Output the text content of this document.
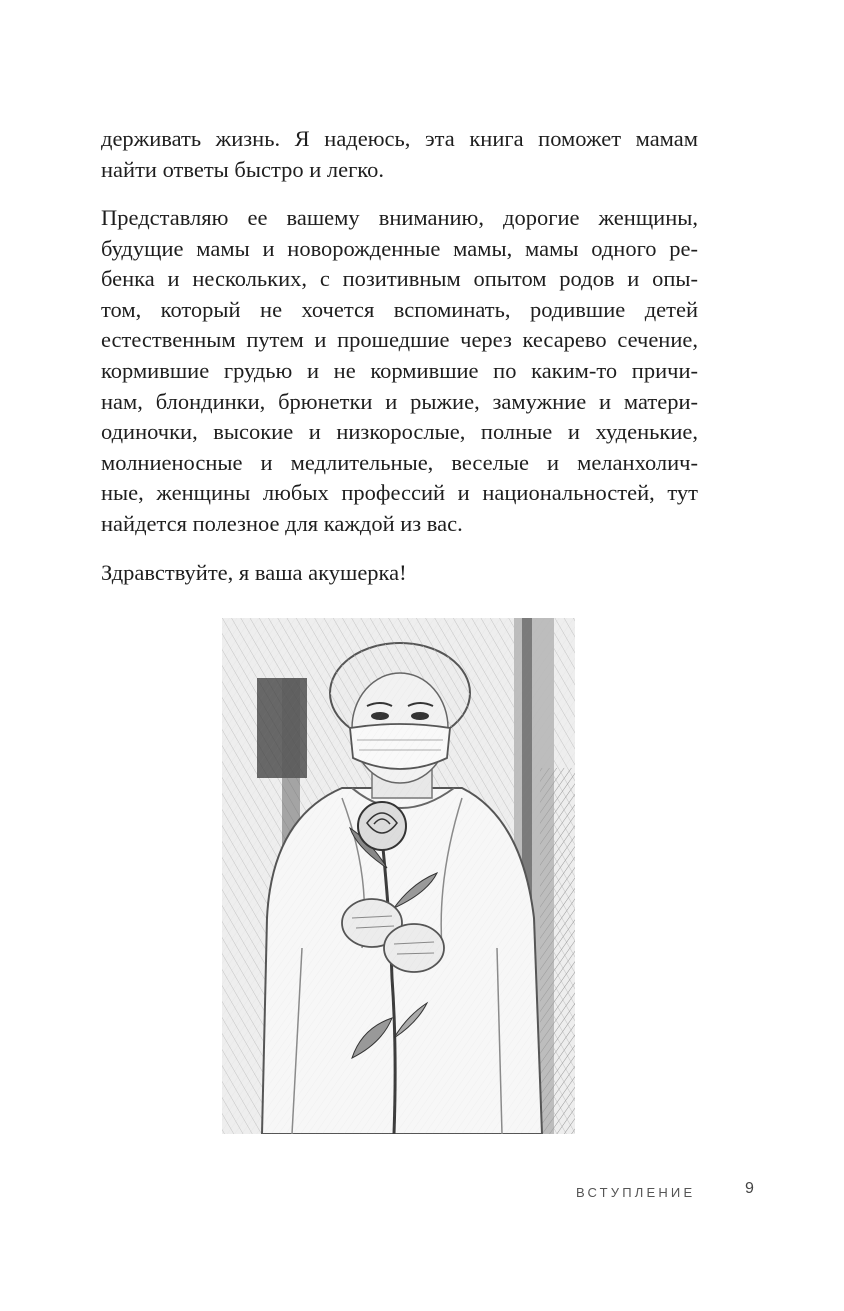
держивать жизнь. Я надеюсь, эта книга поможет мамам
найти ответы быстро и легко.

Представляю ее вашему вниманию, дорогие женщины,
будущие мамы и новорожденные мамы, мамы одного ре-
бенка и нескольких, с позитивным опытом родов и опы-
том, который не хочется вспоминать, родившие детей
естественным путем и прошедшие через кесарево сечение,
кормившие грудью и не кормившие по каким-то причи-
нам, блондинки, брюнетки и рыжие, замужние и матери-
одиночки, высокие и низкорослые, полные и худенькие,
молниеносные и медлительные, веселые и меланхолич-
ные, женщины любых профессий и национальностей, тут
найдется полезное для каждой из вас.

Здравствуйте, я ваша акушерка!

ВСТУПЛЕНИЕ	9
